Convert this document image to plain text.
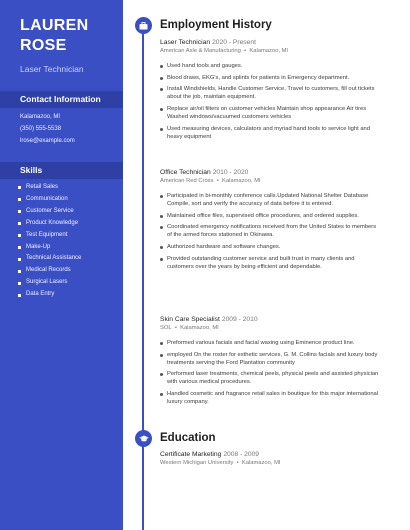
LAUREN
ROSE
Laser Technician
Contact Information
Kalamazoo, MI
(350) 555-5538
lrose@example.com
Skills
Retail Sales
Communication
Customer Service
Product Knowledge
Test Equipment
Make-Up
Technical Assistance
Medical Records
Surgical Lasers
Data Entry
Employment History
Laser Technician 2020 - Present
American Axle & Manufacturing  •  Kalamazoo, MI
Used hand tools and gauges.
Blood draws, EKG's, and splints for patients in Emergency department.
Install Windshields, Handle Customer Service, Travel to customers, fill out tickets about the job, maintain equipment.
Replace air/oil filters on customer vehicles Maintain shop appearance Air tires Washed windows/vacuumed customers vehicles
Used measuring devices, calculators and myriad hand tools to service light and heavy equipment
Office Technician 2010 - 2020
American Red Cross  •  Kalamazoo, MI
Participated in bi-monthly conference calls.Updated National Shelter Database Compile, sort and verify the accuracy of data before it is entered.
Maintained office files, supervised office procedures, and ordered supplies.
Coordinated emergency notifications received from the United States to members of the armed forces stationed in Okinawa.
Authorized hardware and software changes.
Provided outstanding customer service and built trust in many clients and customers over the years by being efficient and dependable.
Skin Care Specialist 2009 - 2010
SOL  •  Kalamazoo, MI
Preformed various facials and facial waxing using Eminence product line.
employed On the roster for esthetic services, G. M. Collins facials and luxury body treatments serving the Ford Plantation community
Performed laser treatments, chemical peels, physical peels and assisted physician with various medical procedures.
Handled cosmetic and fragrance retail sales in boutique for this major international luxury company.
Education
Certificate Marketing 2008 - 2009
Western Michigan University  •  Kalamazoo, MI
